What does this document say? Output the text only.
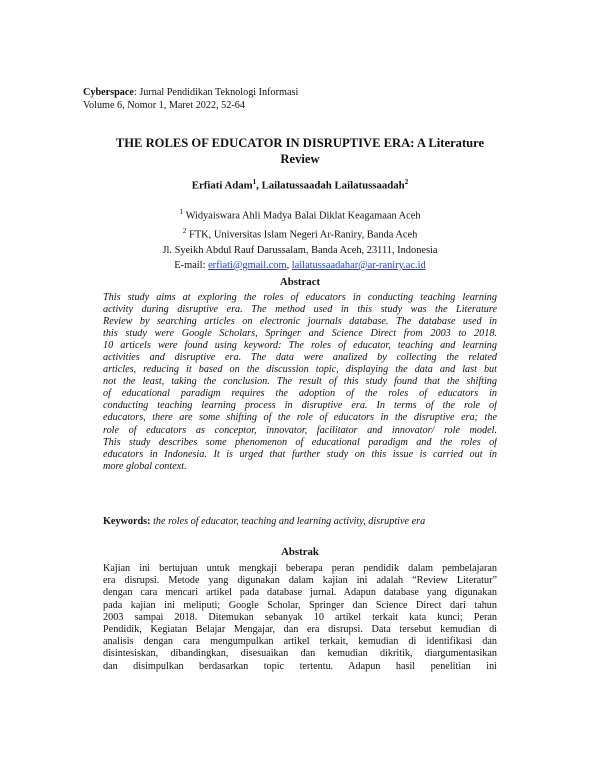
Cyberspace: Jurnal Pendidikan Teknologi Informasi
Volume 6, Nomor 1, Maret 2022, 52-64
THE ROLES OF EDUCATOR IN DISRUPTIVE ERA: A Literature
Review
Erfiati Adam$^1$, Lailatussaadah Lailatussaadah$^2$
$^1$ Widyaiswara Ahli Madya Balai Diklat Keagamaan Aceh
$^2$ FTK, Universitas Islam Negeri Ar-Raniry, Banda Aceh
Jl. Syeikh Abdul Rauf Darussalam, Banda Aceh, 23111, Indonesia
E-mail: erfiati@gmail.com, lailatussaadahar@ar-raniry.ac.id
Abstract
This study aims at exploring the roles of educators in conducting teaching learning
activity during disruptive era. The method used in this study was the Literature
Review by searching articles on electronic journals database. The database used in
this study were Google Scholars, Springer and Science Direct from 2003 to 2018.
10 articels were found using keyword: The roles of educator, teaching and learning
activities and disruptive era. The data were analized by collecting the related
articles, reducing it based on the discussion topic, displaying the data and last but
not the least, taking the conclusion. The result of this study found that the shifting
of educational paradigm requires the adoption of the roles of educators in
conducting teaching learning process in disruptive era. In terms of the role of
educators, there are some shifting of the role of educators in the disruptive era; the
role of educators as conceptor, innovator, facilitator and innovator/ role model.
This study describes some phenomenon of educational paradigm and the roles of
educators in Indonesia. It is urged that further study on this issue is carried out in
more global context.
Keywords: the roles of educator, teaching and learning activity, disruptive era
Abstrak
Kajian ini bertujuan untuk mengkaji beberapa peran pendidik dalam pembelajaran
era disrupsi. Metode yang digunakan dalam kajian ini adalah “Review Literatur”
dengan cara mencari artikel pada database jurnal. Adapun database yang digunakan
pada kajian ini meliputi; Google Scholar, Springer dan Science Direct dari tahun
2003 sampai 2018. Ditemukan sebanyak 10 artikel terkait kata kunci; Peran
Pendidik, Kegiatan Belajar Mengajar, dan era disrupsi. Data tersebut kemudian di
analisis dengan cara mengumpulkan artikel terkait, kemudian di identifikasi dan
disintesiskan, dibandingkan, disesuaikan dan kemudian dikritik, diargumentasikan
dan disimpulkan berdasarkan topic tertentu. Adapun hasil penelitian ini
